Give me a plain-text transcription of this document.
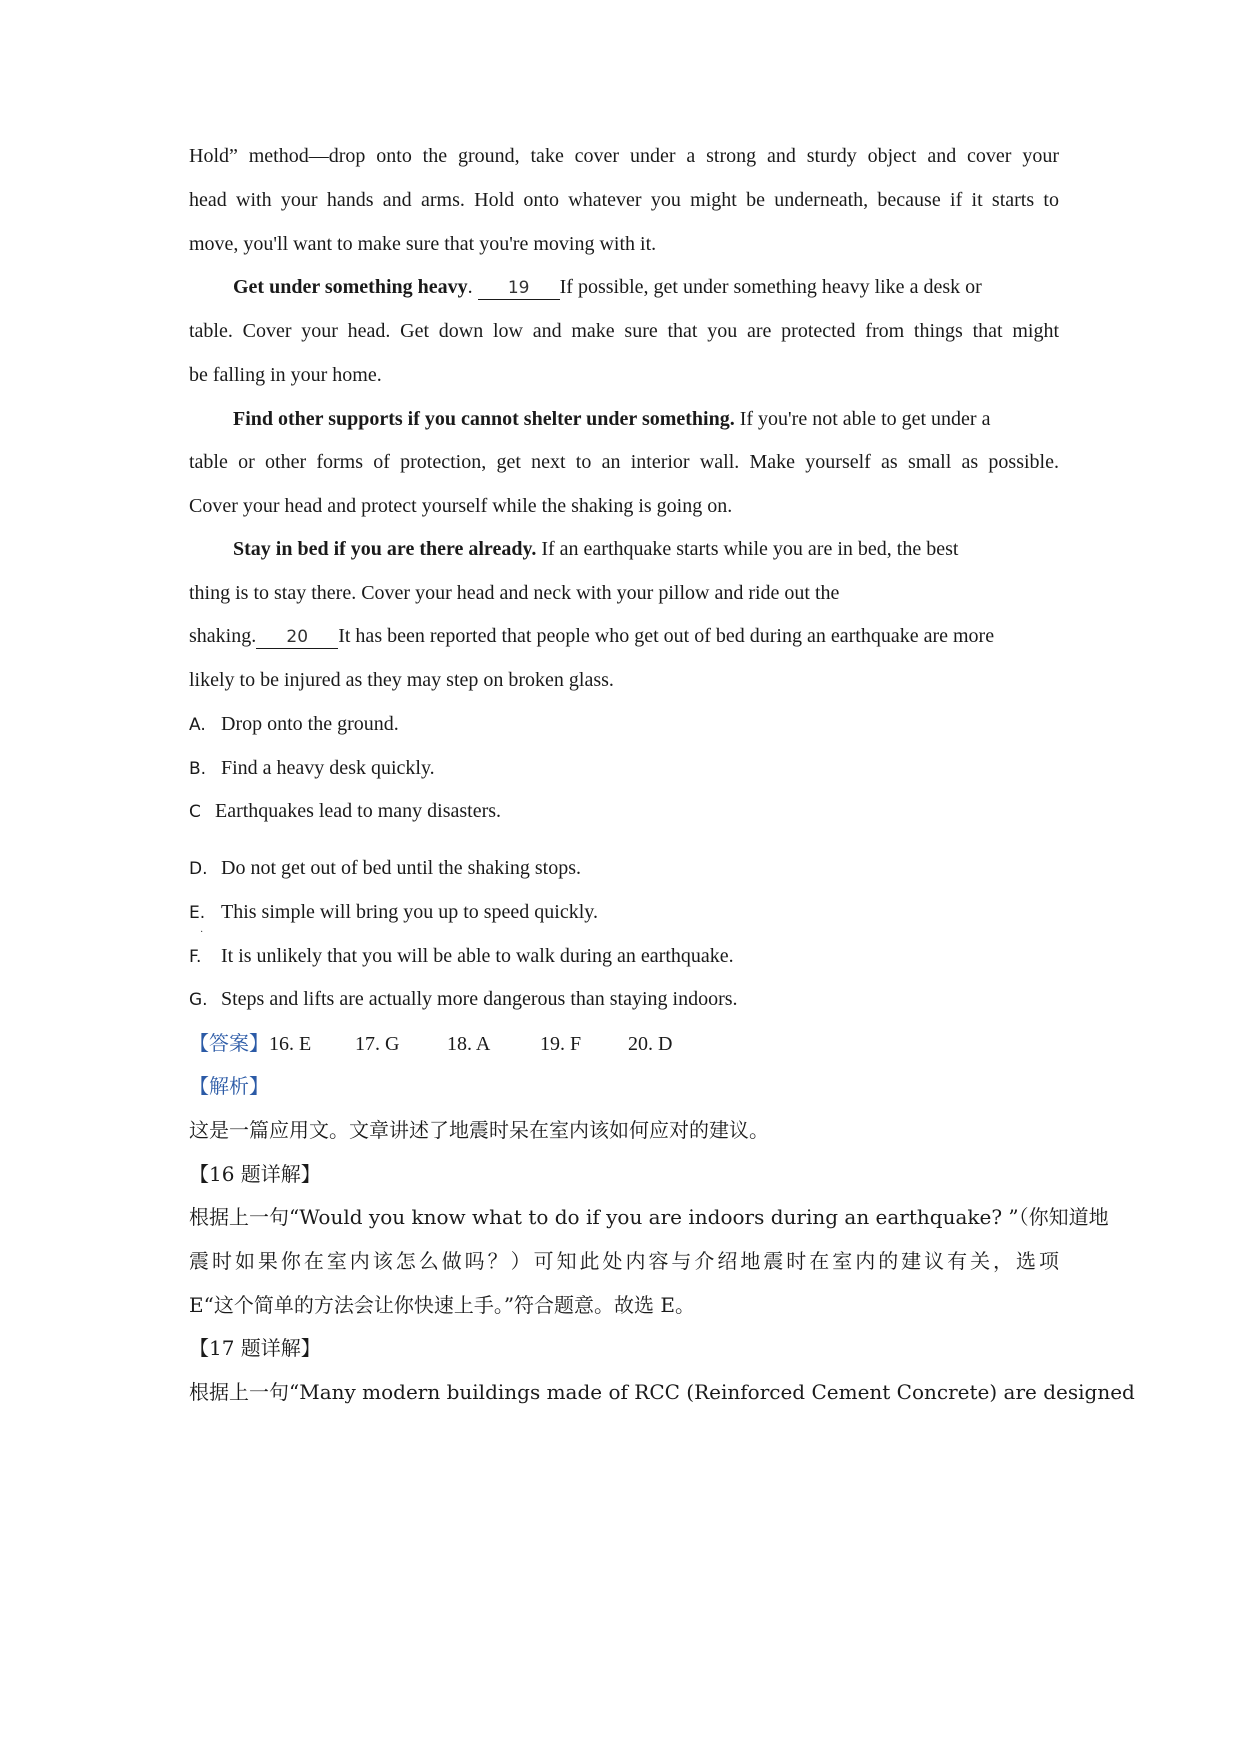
Hold” method—drop onto the ground, take cover under a strong and sturdy object and cover your
head with your hands and arms. Hold onto whatever you might be underneath, because if it starts to
move, you'll want to make sure that you're moving with it.
Get under something heavy. 19 If possible, get under something heavy like a desk or
table. Cover your head. Get down low and make sure that you are protected from things that might
be falling in your home.
Find other supports if you cannot shelter under something. If you're not able to get under a
table or other forms of protection, get next to an interior wall. Make yourself as small as possible.
Cover your head and protect yourself while the shaking is going on.
Stay in bed if you are there already. If an earthquake starts while you are in bed, the best
thing is to stay there. Cover your head and neck with your pillow and ride out the
shaking. 20 It has been reported that people who get out of bed during an earthquake are more
likely to be injured as they may step on broken glass.
A. Drop onto the ground.
B. Find a heavy desk quickly.
C Earthquakes lead to many disasters.
·
D. Do not get out of bed until the shaking stops.
E. This simple will bring you up to speed quickly.
F. It is unlikely that you will be able to walk during an earthquake.
G. Steps and lifts are actually more dangerous than staying indoors.
【答案】16. E 17. G 18. A 19. F 20. D
【解析】
这是一篇应用文。文章讲述了地震时呆在室内该如何应对的建议。
【16 题详解】
根据上一句“Would you know what to do if you are indoors during an earthquake? ”（你知道地
震时如果你在室内该怎么做吗？）可知此处内容与介绍地震时在室内的建议有关，选项
E“这个简单的方法会让你快速上手。”符合题意。故选 E。
【17 题详解】
根据上一句“Many modern buildings made of RCC (Reinforced Cement Concrete) are designed
